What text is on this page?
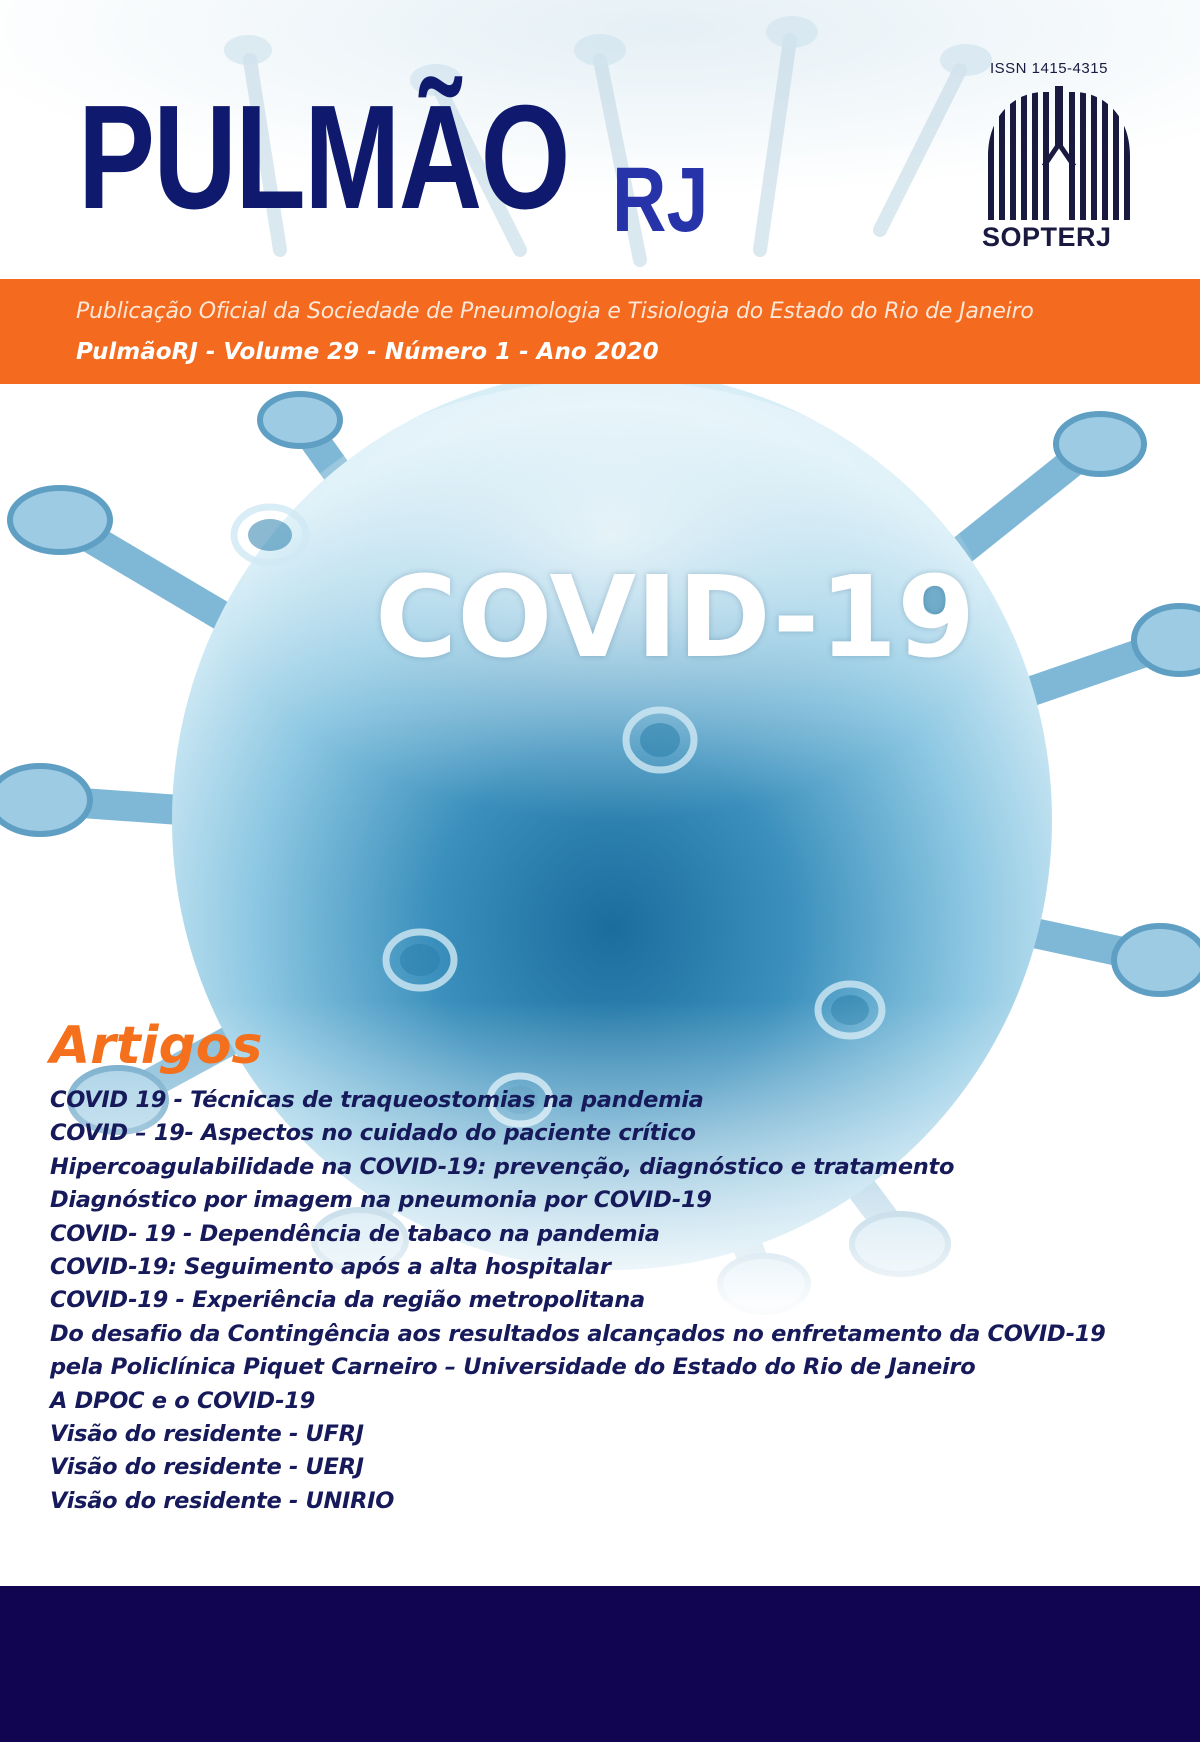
PULMÃO RJ
ISSN 1415-4315
SOPTERJ
Publicação Oficial da Sociedade de Pneumologia e Tisiologia do Estado do Rio de Janeiro
PulmãoRJ - Volume 29 - Número 1 - Ano 2020
COVID-19
Artigos
COVID 19 - Técnicas de traqueostomias na pandemia
COVID – 19- Aspectos no cuidado do paciente crítico
Hipercoagulabilidade na COVID-19: prevenção, diagnóstico e tratamento
Diagnóstico por imagem na pneumonia por COVID-19
COVID- 19 - Dependência de tabaco na pandemia
COVID-19: Seguimento após a alta hospitalar
COVID-19 - Experiência da região metropolitana
Do desafio da Contingência aos resultados alcançados no enfretamento da COVID-19
pela Policlínica Piquet Carneiro – Universidade do Estado do Rio de Janeiro
A DPOC e o COVID-19
Visão do residente - UFRJ
Visão do residente - UERJ
Visão do residente - UNIRIO
